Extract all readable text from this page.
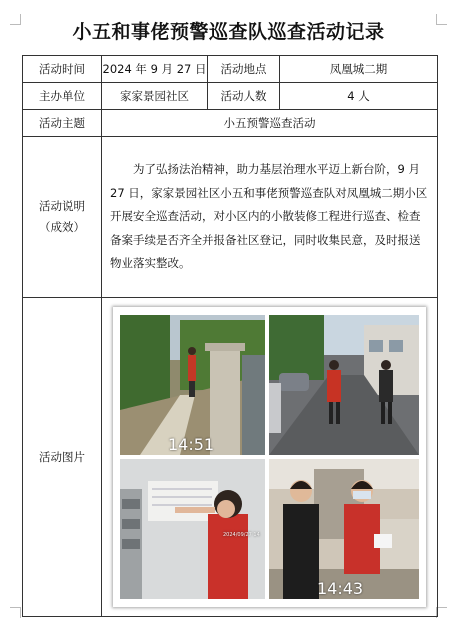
小五和事佬预警巡查队巡查活动记录
活动时间	2024 年 9 月 27 日	活动地点	凤凰城二期
主办单位	家家景园社区	活动人数	4 人
活动主题	小五预警巡查活动		

活动说明
（成效）	为了弘扬法治精神，助力基层治理水平迈上新台阶，9 月 27 日，家家景园社区小五和事佬预警巡查队对凤凰城二期小区开展安全巡查活动，对小区内的小散装修工程进行巡查、检查备案手续是否齐全并报备社区登记，同时收集民意，及时报送物业落实整改。		
活动图片	14:51
2024/09/27 14
14:43		
